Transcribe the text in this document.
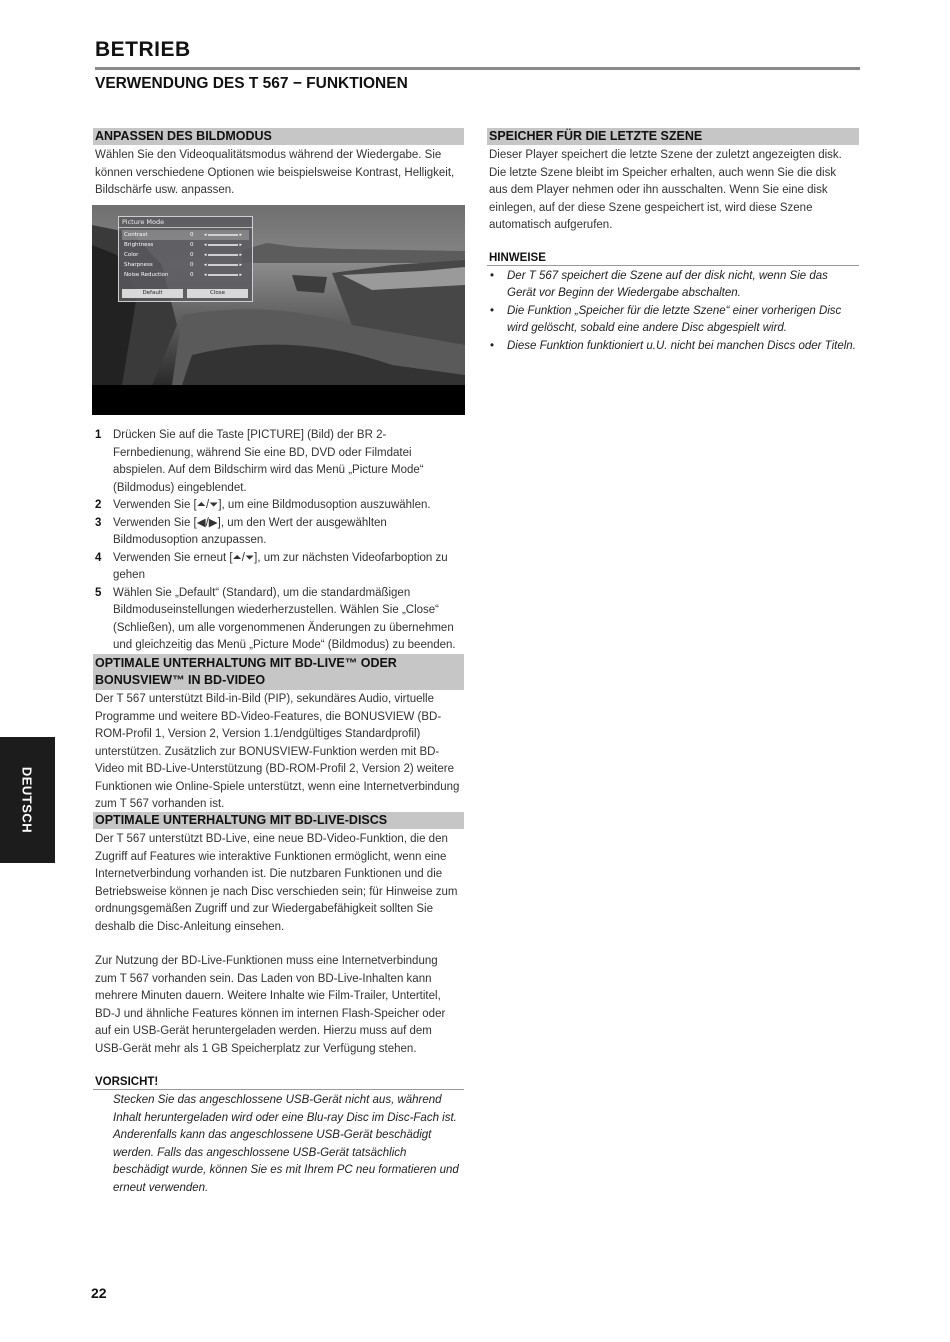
BETRIEB
VERWENDUNG DES T 567 − FUNKTIONEN
ANPASSEN DES BILDMODUS

Wählen Sie den Videoqualitätsmodus während der Wiedergabe. Sie können verschiedene Optionen wie beispielsweise Kontrast, Helligkeit, Bildschärfe usw. anpassen.

Picture Mode
Contrast	0 ◂	▸
Brightness	0 ◂	▸
Color	0 ◂	▸
Sharpness	0 ◂	▸
Noise Reduction	0 ◂	▸
Default	Close
1 Drücken Sie auf die Taste [PICTURE] (Bild) der BR 2-Fernbedienung, während Sie eine BD, DVD oder Filmdatei abspielen. Auf dem Bildschirm wird das Menü „Picture Mode“ (Bildmodus) eingeblendet.
2 Verwenden Sie [⏶/⏷], um eine Bildmodusoption auszuwählen.
3 Verwenden Sie [◀/▶], um den Wert der ausgewählten Bildmodusoption anzupassen.
4 Verwenden Sie erneut [⏶/⏷], um zur nächsten Videofarboption zu gehen
5 Wählen Sie „Default“ (Standard), um die standardmäßigen Bildmoduseinstellungen wiederherzustellen. Wählen Sie „Close“ (Schließen), um alle vorgenommenen Änderungen zu übernehmen und gleichzeitig das Menü „Picture Mode“ (Bildmodus) zu beenden.
OPTIMALE UNTERHALTUNG MIT BD-LIVE™ ODER BONUSVIEW™ IN BD-VIDEO

Der T 567 unterstützt Bild-in-Bild (PIP), sekundäres Audio, virtuelle Programme und weitere BD-Video-Features, die BONUSVIEW (BD-ROM-Profil 1, Version 2, Version 1.1/endgültiges Standardprofil) unterstützen. Zusätzlich zur BONUSVIEW-Funktion werden mit BD-Video mit BD-Live-Unterstützung (BD-ROM-Profil 2, Version 2) weitere Funktionen wie Online-Spiele unterstützt, wenn eine Internetverbindung zum T 567 vorhanden ist.

OPTIMALE UNTERHALTUNG MIT BD-LIVE-DISCS

Der T 567 unterstützt BD-Live, eine neue BD-Video-Funktion, die den Zugriff auf Features wie interaktive Funktionen ermöglicht, wenn eine Internetverbindung vorhanden ist. Die nutzbaren Funktionen und die Betriebsweise können je nach Disc verschieden sein; für Hinweise zum ordnungsgemäßen Zugriff und zur Wiedergabefähigkeit sollten Sie deshalb die Disc-Anleitung einsehen.

Zur Nutzung der BD-Live-Funktionen muss eine Internetverbindung zum T 567 vorhanden sein. Das Laden von BD-Live-Inhalten kann mehrere Minuten dauern. Weitere Inhalte wie Film-Trailer, Untertitel, BD-J und ähnliche Features können im internen Flash-Speicher oder auf ein USB-Gerät heruntergeladen werden. Hierzu muss auf dem USB-Gerät mehr als 1 GB Speicherplatz zur Verfügung stehen.

VORSICHT!
Stecken Sie das angeschlossene USB-Gerät nicht aus, während Inhalt heruntergeladen wird oder eine Blu-ray Disc im Disc-Fach ist. Anderenfalls kann das angeschlossene USB-Gerät beschädigt werden. Falls das angeschlossene USB-Gerät tatsächlich beschädigt wurde, können Sie es mit Ihrem PC neu formatieren und erneut verwenden.
SPEICHER FÜR DIE LETZTE SZENE

Dieser Player speichert die letzte Szene der zuletzt angezeigten disk. Die letzte Szene bleibt im Speicher erhalten, auch wenn Sie die disk aus dem Player nehmen oder ihn ausschalten. Wenn Sie eine disk einlegen, auf der diese Szene gespeichert ist, wird diese Szene automatisch aufgerufen.

HINWEISE
• Der T 567 speichert die Szene auf der disk nicht, wenn Sie das Gerät vor Beginn der Wiedergabe abschalten.
• Die Funktion „Speicher für die letzte Szene“ einer vorherigen Disc wird gelöscht, sobald eine andere Disc abgespielt wird.
• Diese Funktion funktioniert u.U. nicht bei manchen Discs oder Titeln.
DEUTSCH
22
